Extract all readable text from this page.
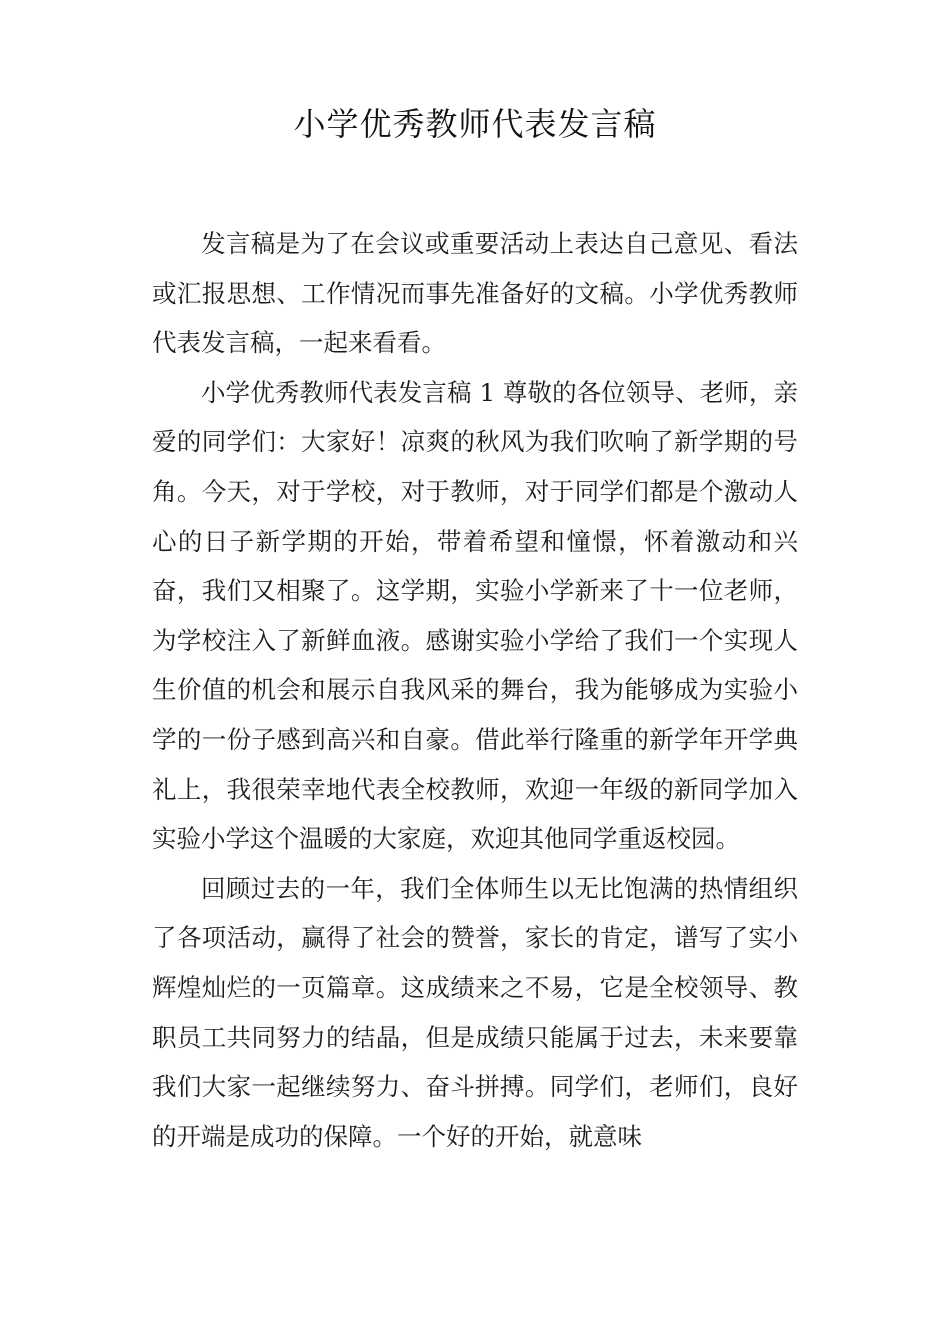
小学优秀教师代表发言稿

发言稿是为了在会议或重要活动上表达自己意见、看法或汇报思想、工作情况而事先准备好的文稿。小学优秀教师代表发言稿，一起来看看。

小学优秀教师代表发言稿 1 尊敬的各位领导、老师，亲爱的同学们：大家好！凉爽的秋风为我们吹响了新学期的号角。今天，对于学校，对于教师，对于同学们都是个激动人心的日子新学期的开始，带着希望和憧憬，怀着激动和兴奋，我们又相聚了。这学期，实验小学新来了十一位老师，为学校注入了新鲜血液。感谢实验小学给了我们一个实现人生价值的机会和展示自我风采的舞台，我为能够成为实验小学的一份子感到高兴和自豪。借此举行隆重的新学年开学典礼上，我很荣幸地代表全校教师，欢迎一年级的新同学加入实验小学这个温暖的大家庭，欢迎其他同学重返校园。

回顾过去的一年，我们全体师生以无比饱满的热情组织了各项活动，赢得了社会的赞誉，家长的肯定，谱写了实小辉煌灿烂的一页篇章。这成绩来之不易，它是全校领导、教职员工共同努力的结晶，但是成绩只能属于过去，未来要靠我们大家一起继续努力、奋斗拼搏。同学们，老师们，良好的开端是成功的保障。一个好的开始，就意味
